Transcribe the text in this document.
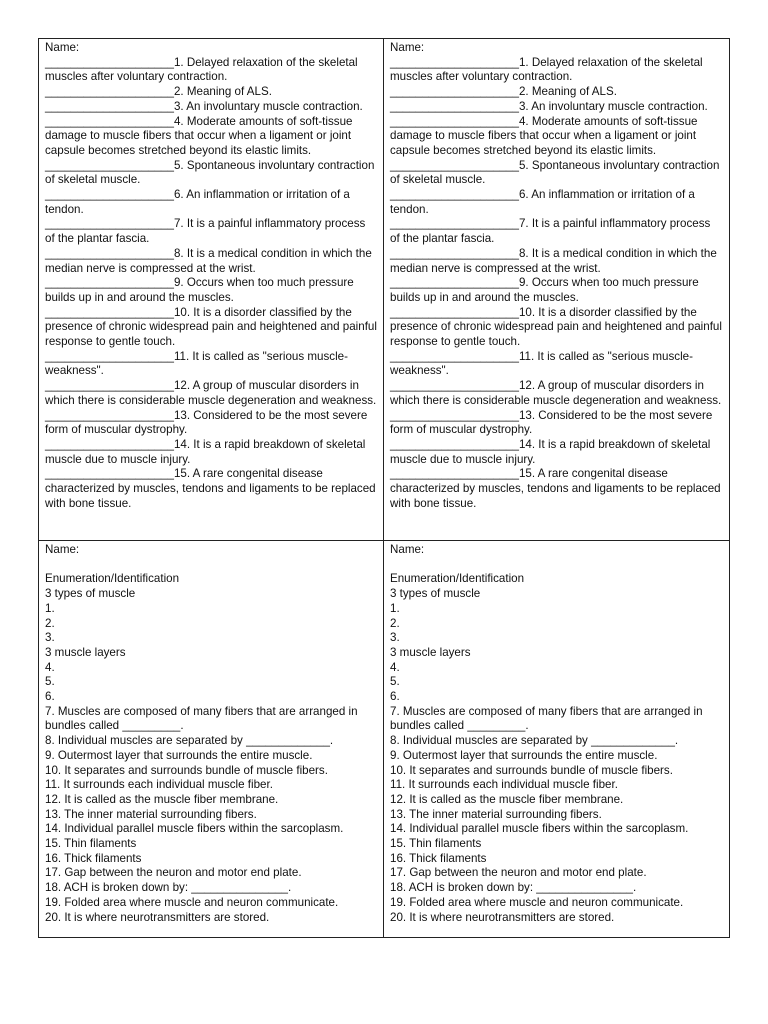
Name:
____________________1. Delayed relaxation of the skeletal muscles after voluntary contraction.
____________________2. Meaning of ALS.
____________________3. An involuntary muscle contraction.
____________________4. Moderate amounts of soft-tissue damage to muscle fibers that occur when a ligament or joint capsule becomes stretched beyond its elastic limits.
____________________5. Spontaneous involuntary contraction of skeletal muscle.
____________________6. An inflammation or irritation of a tendon.
____________________7. It is a painful inflammatory process of the plantar fascia.
____________________8. It is a medical condition in which the median nerve is compressed at the wrist.
____________________9. Occurs when too much pressure builds up in and around the muscles.
____________________10. It is a disorder classified by the presence of chronic widespread pain and heightened and painful response to gentle touch.
____________________11. It is called as "serious muscle-weakness".
____________________12. A group of muscular disorders in which there is considerable muscle degeneration and weakness.
____________________13. Considered to be the most severe form of muscular dystrophy.
____________________14. It is a rapid breakdown of skeletal muscle due to muscle injury.
____________________15. A rare congenital disease characterized by muscles, tendons and ligaments to be replaced with bone tissue.
Name:
____________________1. Delayed relaxation of the skeletal muscles after voluntary contraction.
____________________2. Meaning of ALS.
____________________3. An involuntary muscle contraction.
____________________4. Moderate amounts of soft-tissue damage to muscle fibers that occur when a ligament or joint capsule becomes stretched beyond its elastic limits.
____________________5. Spontaneous involuntary contraction of skeletal muscle.
____________________6. An inflammation or irritation of a tendon.
____________________7. It is a painful inflammatory process of the plantar fascia.
____________________8. It is a medical condition in which the median nerve is compressed at the wrist.
____________________9. Occurs when too much pressure builds up in and around the muscles.
____________________10. It is a disorder classified by the presence of chronic widespread pain and heightened and painful response to gentle touch.
____________________11. It is called as "serious muscle-weakness".
____________________12. A group of muscular disorders in which there is considerable muscle degeneration and weakness.
____________________13. Considered to be the most severe form of muscular dystrophy.
____________________14. It is a rapid breakdown of skeletal muscle due to muscle injury.
____________________15. A rare congenital disease characterized by muscles, tendons and ligaments to be replaced with bone tissue.
Name:
Enumeration/Identification
3 types of muscle
1.
2.
3.
3 muscle layers
4.
5.
6.
7. Muscles are composed of many fibers that are arranged in bundles called _________.
8. Individual muscles are separated by _____________.
9. Outermost layer that surrounds the entire muscle.
10. It separates and surrounds bundle of muscle fibers.
11. It surrounds each individual muscle fiber.
12. It is called as the muscle fiber membrane.
13. The inner material surrounding fibers.
14. Individual parallel muscle fibers within the sarcoplasm.
15. Thin filaments
16. Thick filaments
17. Gap between the neuron and motor end plate.
18. ACH is broken down by: _______________.
19. Folded area where muscle and neuron communicate.
20. It is where neurotransmitters are stored.
Name:
Enumeration/Identification
3 types of muscle
1.
2.
3.
3 muscle layers
4.
5.
6.
7. Muscles are composed of many fibers that are arranged in bundles called _________.
8. Individual muscles are separated by _____________.
9. Outermost layer that surrounds the entire muscle.
10. It separates and surrounds bundle of muscle fibers.
11. It surrounds each individual muscle fiber.
12. It is called as the muscle fiber membrane.
13. The inner material surrounding fibers.
14. Individual parallel muscle fibers within the sarcoplasm.
15. Thin filaments
16. Thick filaments
17. Gap between the neuron and motor end plate.
18. ACH is broken down by: _______________.
19. Folded area where muscle and neuron communicate.
20. It is where neurotransmitters are stored.
